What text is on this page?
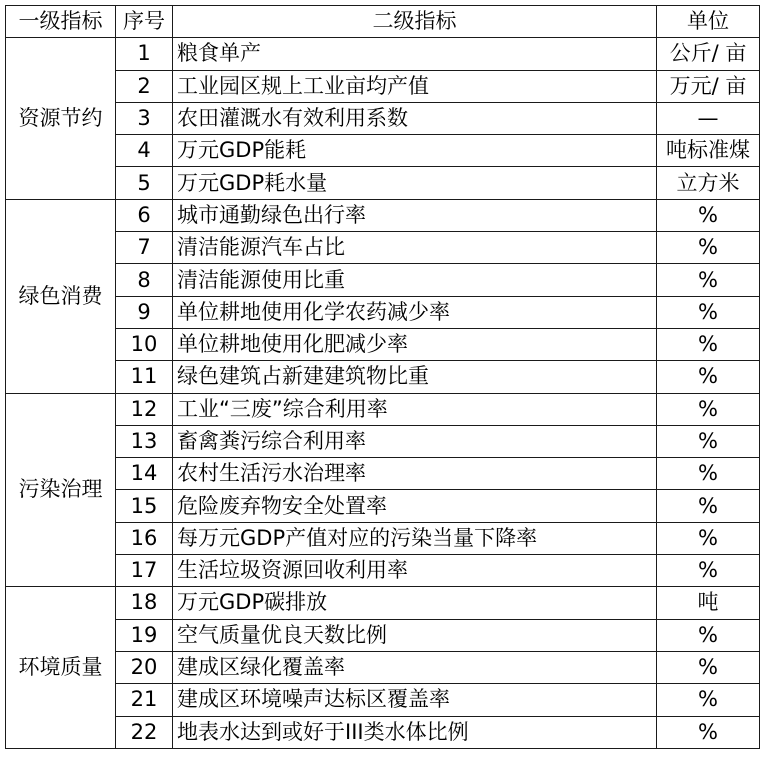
一级指标	序号	二级指标	单位
资源节约	1	粮食单产	公斤/ 亩
	2	工业园区规上工业亩均产值	万元/ 亩
	3	农田灌溉水有效利用系数	—
	4	万元GDP能耗	吨标准煤
	5	万元GDP耗水量	立方米
绿色消费	6	城市通勤绿色出行率	%
	7	清洁能源汽车占比	%
	8	清洁能源使用比重	%
	9	单位耕地使用化学农药减少率	%
	10	单位耕地使用化肥减少率	%
	11	绿色建筑占新建建筑物比重	%
污染治理	12	工业“三废”综合利用率	%
	13	畜禽粪污综合利用率	%
	14	农村生活污水治理率	%
	15	危险废弃物安全处置率	%
	16	每万元GDP产值对应的污染当量下降率	%
	17	生活垃圾资源回收利用率	%
环境质量	18	万元GDP碳排放	吨
	19	空气质量优良天数比例	%
	20	建成区绿化覆盖率	%
	21	建成区环境噪声达标区覆盖率	%
	22	地表水达到或好于III类水体比例	%
